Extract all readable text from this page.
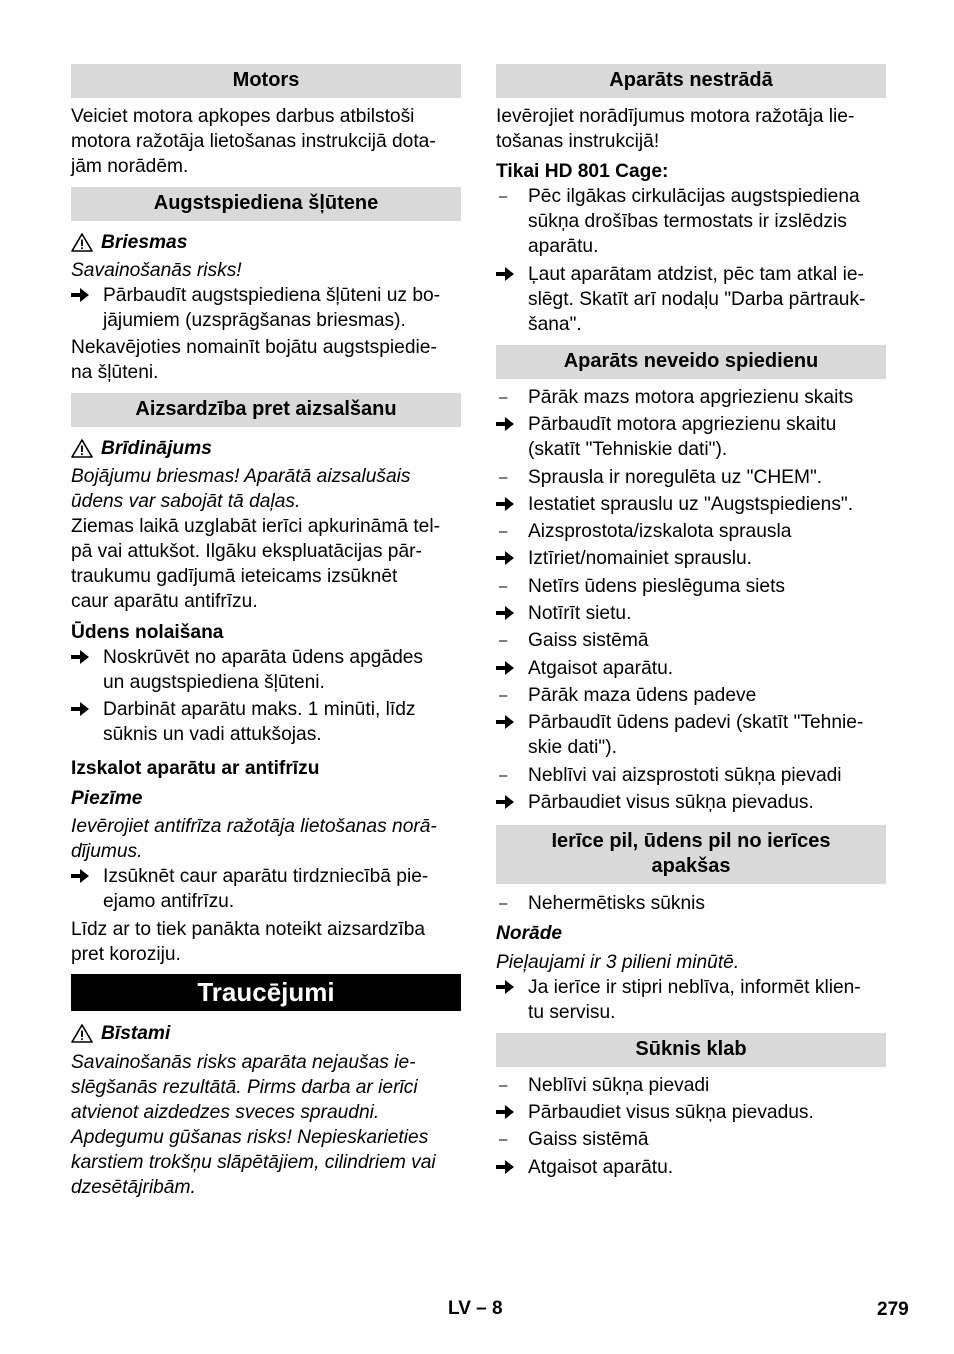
Motors

Veiciet motora apkopes darbus atbilstoši

motora ražotāja lietošanas instrukcijā dota-

jām norādēm.

Augstspiediena šļūtene
Briesmas

Savainošanās risks!

Pārbaudīt augstspiediena šļūteni uz bo-

jājumiem (uzsprāgšanas briesmas).

Nekavējoties nomainīt bojātu augstspiedie-

na šļūteni.

Aizsardzība pret aizsalšanu
Brīdinājums

Bojājumu briesmas! Aparātā aizsalušais

ūdens var sabojāt tā daļas.

Ziemas laikā uzglabāt ierīci apkurināmā tel-

pā vai attukšot. Ilgāku ekspluatācijas pār-

traukumu gadījumā ieteicams izsūknēt

caur aparātu antifrīzu.

Ūdens nolaišana

Noskrūvēt no aparāta ūdens apgādes

un augstspiediena šļūteni.

Darbināt aparātu maks. 1 minūti, līdz

sūknis un vadi attukšojas.

Izskalot aparātu ar antifrīzu

Piezīme

Ievērojiet antifrīza ražotāja lietošanas norā-

dījumus.

Izsūknēt caur aparātu tirdzniecībā pie-

ejamo antifrīzu.

Līdz ar to tiek panākta noteikt aizsardzība

pret koroziju.

Traucējumi
Bīstami

Savainošanās risks aparāta nejaušas ie-

slēgšanās rezultātā. Pirms darba ar ierīci

atvienot aizdedzes sveces spraudni.

Apdegumu gūšanas risks! Nepieskarieties

karstiem trokšņu slāpētājiem, cilindriem vai

dzesētājribām.

Aparāts nestrādā

Ievērojiet norādījumus motora ražotāja lie-

tošanas instrukcijā!

Tikai HD 801 Cage:

–	Pēc ilgākas cirkulācijas augstspiediena

sūkņa drošības termostats ir izslēdzis

aparātu.

Ļaut aparātam atdzist, pēc tam atkal ie-

slēgt. Skatīt arī nodaļu "Darba pārtrauk-

šana".

Aparāts neveido spiedienu
–	Pārāk mazs motora apgriezienu skaits

Pārbaudīt motora apgriezienu skaitu

(skatīt "Tehniskie dati").

–	Sprausla ir noregulēta uz "CHEM".

Iestatiet sprauslu uz "Augstspiediens".

–	Aizsprostota/izskalota sprausla

Iztīriet/nomainiet sprauslu.

–	Netīrs ūdens pieslēguma siets

Notīrīt sietu.

–	Gaiss sistēmā

Atgaisot aparātu.

–	Pārāk maza ūdens padeve

Pārbaudīt ūdens padevi (skatīt "Tehnie-

skie dati").

–	Neblīvi vai aizsprostoti sūkņa pievadi

Pārbaudiet visus sūkņa pievadus.

Ierīce pil, ūdens pil no ierīces
apakšas
–	Nehermētisks sūknis

Norāde

Pieļaujami ir 3 pilieni minūtē.

Ja ierīce ir stipri neblīva, informēt klien-

tu servisu.

Sūknis klab
–	Neblīvi sūkņa pievadi

Pārbaudiet visus sūkņa pievadus.

–	Gaiss sistēmā

Atgaisot aparātu.

LV – 8	279
